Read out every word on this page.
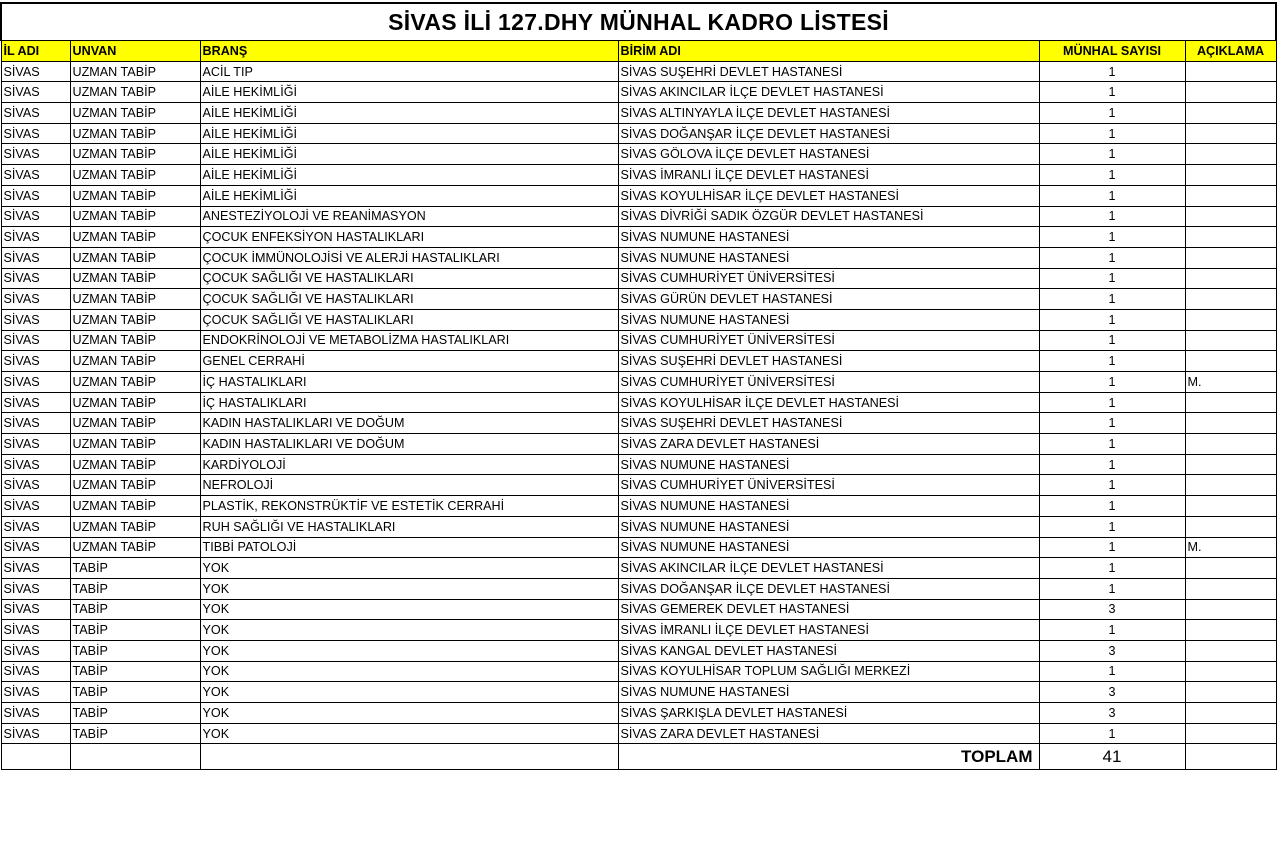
SİVAS İLİ 127.DHY MÜNHAL KADRO LİSTESİ					
İL ADI	UNVAN	BRANŞ	BİRİM ADI	MÜNHAL SAYISI	AÇIKLAMA
SİVAS	UZMAN TABİP	ACİL TIP	SİVAS SUŞEHRİ DEVLET HASTANESİ	1	
SİVAS	UZMAN TABİP	AİLE HEKİMLİĞİ	SİVAS AKINCILAR İLÇE DEVLET HASTANESİ	1	
SİVAS	UZMAN TABİP	AİLE HEKİMLİĞİ	SİVAS ALTINYAYLA İLÇE DEVLET HASTANESİ	1	
SİVAS	UZMAN TABİP	AİLE HEKİMLİĞİ	SİVAS DOĞANŞAR İLÇE DEVLET HASTANESİ	1	
SİVAS	UZMAN TABİP	AİLE HEKİMLİĞİ	SİVAS GÖLOVA İLÇE DEVLET HASTANESİ	1	
SİVAS	UZMAN TABİP	AİLE HEKİMLİĞİ	SİVAS İMRANLI İLÇE DEVLET HASTANESİ	1	
SİVAS	UZMAN TABİP	AİLE HEKİMLİĞİ	SİVAS KOYULHİSAR İLÇE DEVLET HASTANESİ	1	
SİVAS	UZMAN TABİP	ANESTEZİYOLOJİ VE REANİMASYON	SİVAS DİVRİĞİ SADIK ÖZGÜR DEVLET HASTANESİ	1	
SİVAS	UZMAN TABİP	ÇOCUK ENFEKSİYON HASTALIKLARI	SİVAS NUMUNE HASTANESİ	1	
SİVAS	UZMAN TABİP	ÇOCUK İMMÜNOLOJİSİ VE ALERJİ HASTALIKLARI	SİVAS NUMUNE HASTANESİ	1	
SİVAS	UZMAN TABİP	ÇOCUK SAĞLIĞI VE HASTALIKLARI	SİVAS CUMHURİYET ÜNİVERSİTESİ	1	
SİVAS	UZMAN TABİP	ÇOCUK SAĞLIĞI VE HASTALIKLARI	SİVAS GÜRÜN DEVLET HASTANESİ	1	
SİVAS	UZMAN TABİP	ÇOCUK SAĞLIĞI VE HASTALIKLARI	SİVAS NUMUNE HASTANESİ	1	
SİVAS	UZMAN TABİP	ENDOKRİNOLOJİ VE METABOLİZMA HASTALIKLARI	SİVAS CUMHURİYET ÜNİVERSİTESİ	1	
SİVAS	UZMAN TABİP	GENEL CERRAHİ	SİVAS SUŞEHRİ DEVLET HASTANESİ	1	
SİVAS	UZMAN TABİP	İÇ HASTALIKLARI	SİVAS CUMHURİYET ÜNİVERSİTESİ	1	M.
SİVAS	UZMAN TABİP	İÇ HASTALIKLARI	SİVAS KOYULHİSAR İLÇE DEVLET HASTANESİ	1	
SİVAS	UZMAN TABİP	KADIN HASTALIKLARI VE DOĞUM	SİVAS SUŞEHRİ DEVLET HASTANESİ	1	
SİVAS	UZMAN TABİP	KADIN HASTALIKLARI VE DOĞUM	SİVAS ZARA DEVLET HASTANESİ	1	
SİVAS	UZMAN TABİP	KARDİYOLOJİ	SİVAS NUMUNE HASTANESİ	1	
SİVAS	UZMAN TABİP	NEFROLOJİ	SİVAS CUMHURİYET ÜNİVERSİTESİ	1	
SİVAS	UZMAN TABİP	PLASTİK, REKONSTRÜKTİF VE ESTETİK CERRAHİ	SİVAS NUMUNE HASTANESİ	1	
SİVAS	UZMAN TABİP	RUH SAĞLIĞI VE HASTALIKLARI	SİVAS NUMUNE HASTANESİ	1	
SİVAS	UZMAN TABİP	TIBBİ PATOLOJİ	SİVAS NUMUNE HASTANESİ	1	M.
SİVAS	TABİP	YOK	SİVAS AKINCILAR İLÇE DEVLET HASTANESİ	1	
SİVAS	TABİP	YOK	SİVAS DOĞANŞAR İLÇE DEVLET HASTANESİ	1	
SİVAS	TABİP	YOK	SİVAS GEMEREK DEVLET HASTANESİ	3	
SİVAS	TABİP	YOK	SİVAS İMRANLI İLÇE DEVLET HASTANESİ	1	
SİVAS	TABİP	YOK	SİVAS KANGAL DEVLET HASTANESİ	3	
SİVAS	TABİP	YOK	SİVAS KOYULHİSAR TOPLUM SAĞLIĞI MERKEZİ	1	
SİVAS	TABİP	YOK	SİVAS NUMUNE HASTANESİ	3	
SİVAS	TABİP	YOK	SİVAS ŞARKIŞLA DEVLET HASTANESİ	3	
SİVAS	TABİP	YOK	SİVAS ZARA DEVLET HASTANESİ	1	
			TOPLAM	41	
